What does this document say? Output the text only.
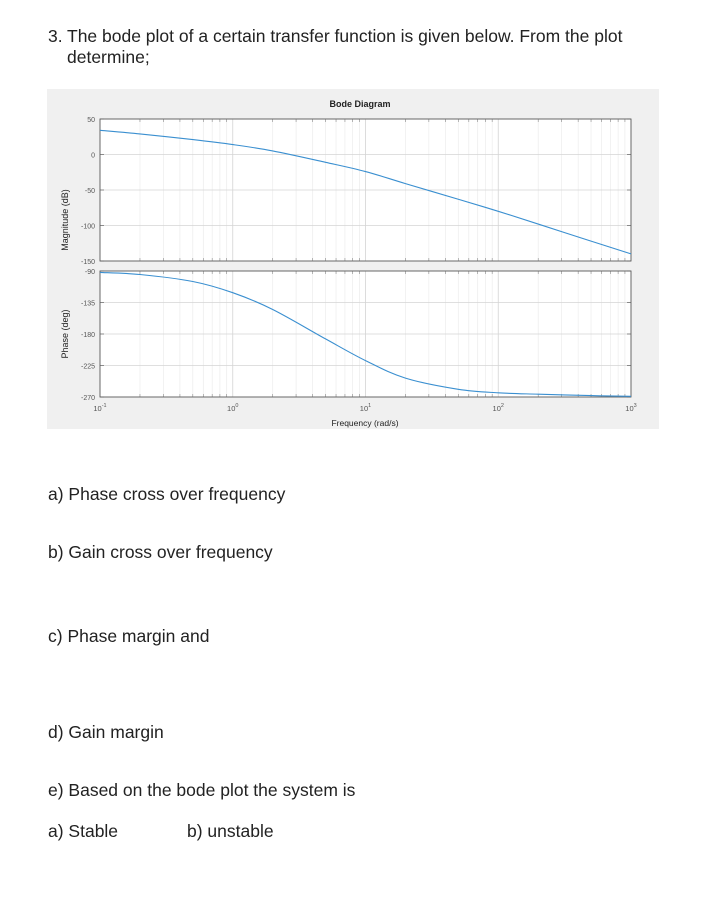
3. The bode plot of a certain transfer function is given below. From the plot determine;
50
0
-50
-100
-150
-90
-135
-180
-225
-270
$10^{-1}$	$10^0$	$10^1$	$10^2$	$10^3$
Bode Diagram
Magnitude (dB)
Phase (deg)
Frequency (rad/s)
a) Phase cross over frequency
b) Gain cross over frequency
c) Phase margin and
d) Gain margin
e) Based on the bode plot the system is
a) Stable	b) unstable
